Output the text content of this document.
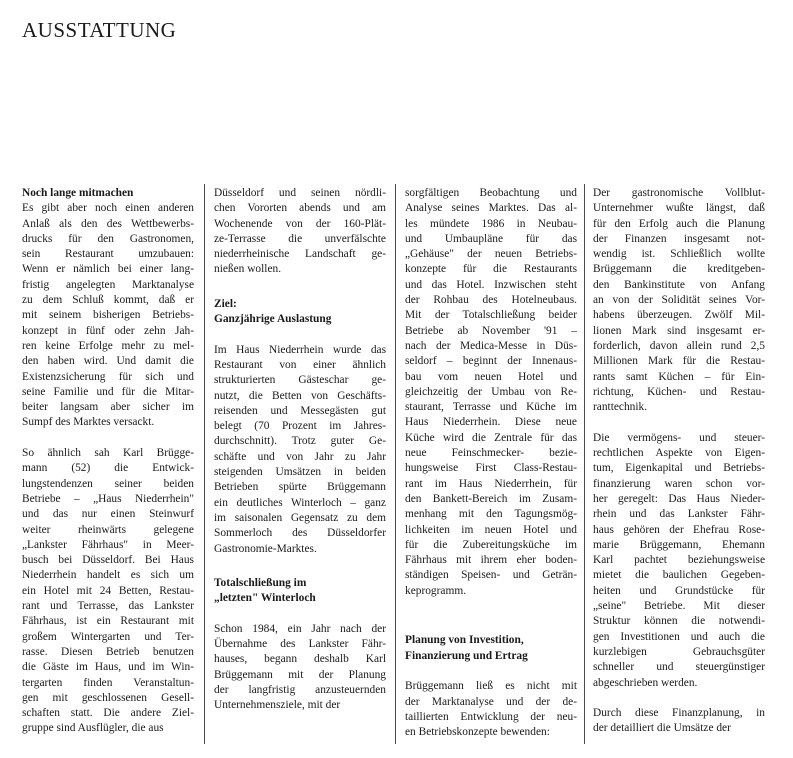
AUSSTATTUNG
Noch lange mitmachen
Es gibt aber noch einen anderen
Anlaß als den des Wettbewerbs-
drucks für den Gastronomen,
sein Restaurant umzubauen:
Wenn er nämlich bei einer lang-
fristig angelegten Marktanalyse
zu dem Schluß kommt, daß er
mit seinem bisherigen Betriebs-
konzept in fünf oder zehn Jah-
ren keine Erfolge mehr zu mel-
den haben wird. Und damit die
Existenzsicherung für sich und
seine Familie und für die Mitar-
beiter langsam aber sicher im
Sumpf des Marktes versackt.
So ähnlich sah Karl Brügge-
mann (52) die Entwick-
lungstendenzen seiner beiden
Betriebe – „Haus Niederrhein"
und das nur einen Steinwurf
weiter rheinwärts gelegene
„Lankster Fährhaus" in Meer-
busch bei Düsseldorf. Bei Haus
Niederrhein handelt es sich um
ein Hotel mit 24 Betten, Restau-
rant und Terrasse, das Lankster
Fährhaus, ist ein Restaurant mit
großem Wintergarten und Ter-
rasse. Diesen Betrieb benutzen
die Gäste im Haus, und im Win-
tergarten finden Veranstaltun-
gen mit geschlossenen Gesell-
schaften statt. Die andere Ziel-
gruppe sind Ausflügler, die aus
Düsseldorf und seinen nördli-
chen Vororten abends und am
Wochenende von der 160-Plät-
ze-Terrasse die unverfälschte
niederrheinische Landschaft ge-
nießen wollen.
Ziel:
Ganzjährige Auslastung
Im Haus Niederrhein wurde das
Restaurant von einer ähnlich
strukturierten Gästeschar ge-
nutzt, die Betten von Geschäfts-
reisenden und Messegästen gut
belegt (70 Prozent im Jahres-
durchschnitt). Trotz guter Ge-
schäfte und von Jahr zu Jahr
steigenden Umsätzen in beiden
Betrieben spürte Brüggemann
ein deutliches Winterloch – ganz
im saisonalen Gegensatz zu dem
Sommerloch des Düsseldorfer
Gastronomie-Marktes.
Totalschließung im
„letzten" Winterloch
Schon 1984, ein Jahr nach der
Übernahme des Lankster Fähr-
hauses, begann deshalb Karl
Brüggemann mit der Planung
der langfristig anzusteuernden
Unternehmensziele, mit der
sorgfältigen Beobachtung und
Analyse seines Marktes. Das al-
les mündete 1986 in Neubau-
und Umbaupläne für das
„Gehäuse" der neuen Betriebs-
konzepte für die Restaurants
und das Hotel. Inzwischen steht
der Rohbau des Hotelneubaus.
Mit der Totalschließung beider
Betriebe ab November '91 –
nach der Medica-Messe in Düs-
seldorf – beginnt der Innenaus-
bau vom neuen Hotel und
gleichzeitig der Umbau von Re-
staurant, Terrasse und Küche im
Haus Niederrhein. Diese neue
Küche wird die Zentrale für das
neue Feinschmecker- bezie-
hungsweise First Class-Restau-
rant im Haus Niederrhein, für
den Bankett-Bereich im Zusam-
menhang mit den Tagungsmög-
lichkeiten im neuen Hotel und
für die Zubereitungsküche im
Fährhaus mit ihrem eher boden-
ständigen Speisen- und Geträn-
keprogramm.
Planung von Investition,
Finanzierung und Ertrag
Brüggemann ließ es nicht mit
der Marktanalyse und der de-
taillierten Entwicklung der neu-
en Betriebskonzepte bewenden:
Der gastronomische Vollblut-
Unternehmer wußte längst, daß
für den Erfolg auch die Planung
der Finanzen insgesamt not-
wendig ist. Schließlich wollte
Brüggemann die kreditgeben-
den Bankinstitute von Anfang
an von der Solidität seines Vor-
habens überzeugen. Zwölf Mil-
lionen Mark sind insgesamt er-
forderlich, davon allein rund 2,5
Millionen Mark für die Restau-
rants samt Küchen – für Ein-
richtung, Küchen- und Restau-
ranttechnik.
Die vermögens- und steuer-
rechtlichen Aspekte von Eigen-
tum, Eigenkapital und Betriebs-
finanzierung waren schon vor-
her geregelt: Das Haus Nieder-
rhein und das Lankster Fähr-
haus gehören der Ehefrau Rose-
marie Brüggemann, Ehemann
Karl pachtet beziehungsweise
mietet die baulichen Gegeben-
heiten und Grundstücke für
„seine" Betriebe. Mit dieser
Struktur können die notwendi-
gen Investitionen und auch die
kurzlebigen Gebrauchsgüter
schneller und steuergünstiger
abgeschrieben werden.
Durch diese Finanzplanung, in
der detailliert die Umsätze der
